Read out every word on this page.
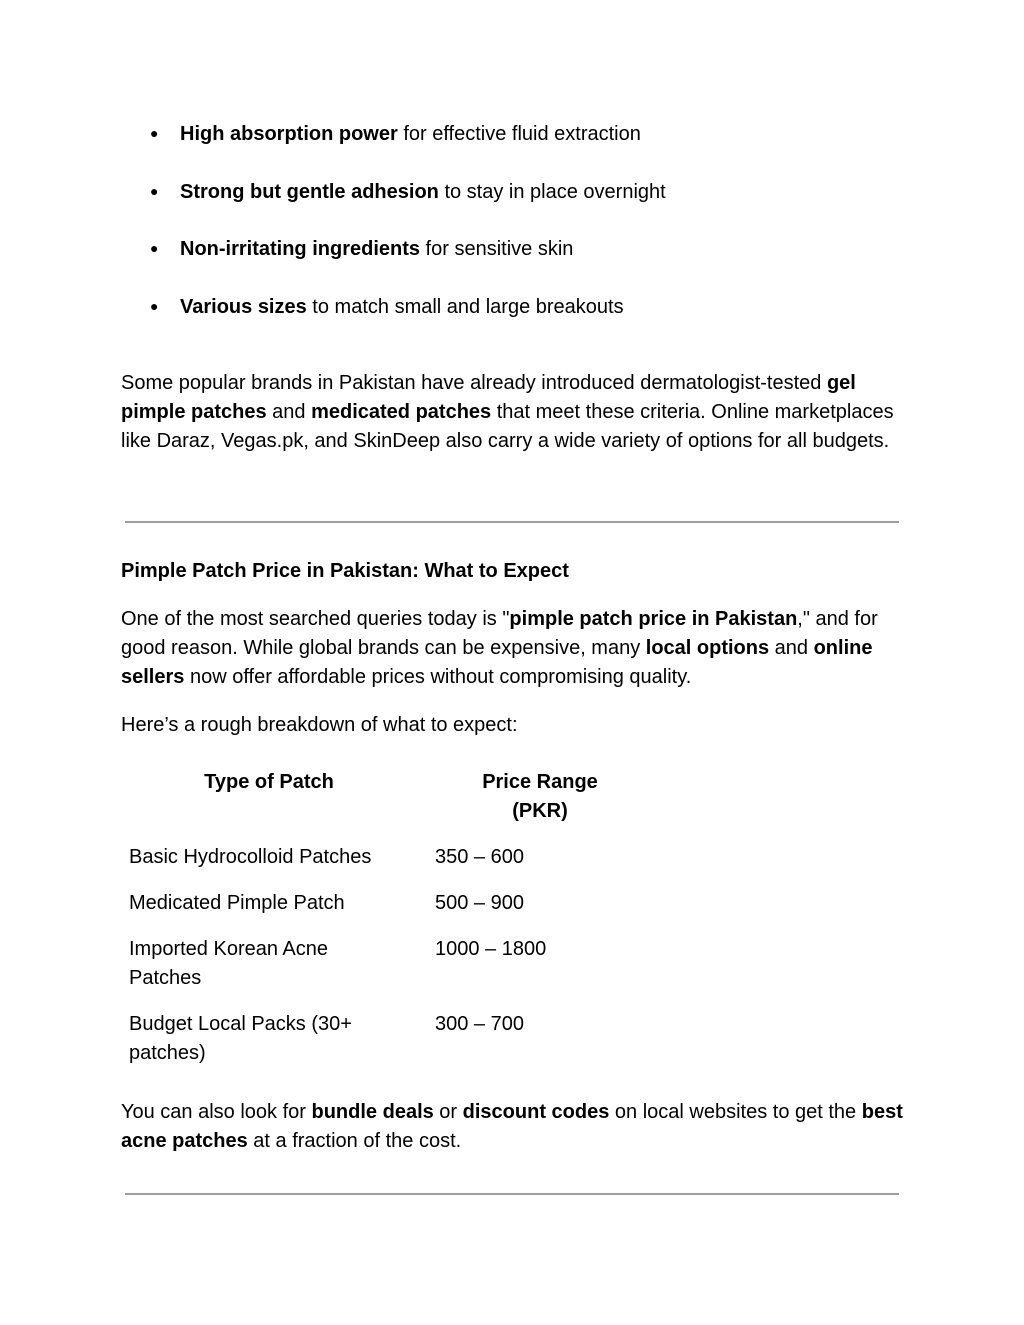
●	High absorption power for effective fluid extraction
●	Strong but gentle adhesion to stay in place overnight
●	Non-irritating ingredients for sensitive skin
●	Various sizes to match small and large breakouts

Some popular brands in Pakistan have already introduced dermatologist-tested gel pimple patches and medicated patches that meet these criteria. Online marketplaces like Daraz, Vegas.pk, and SkinDeep also carry a wide variety of options for all budgets.

Pimple Patch Price in Pakistan: What to Expect

One of the most searched queries today is "pimple patch price in Pakistan," and for good reason. While global brands can be expensive, many local options and online sellers now offer affordable prices without compromising quality.

Here’s a rough breakdown of what to expect:

Type of Patch	Price Range (PKR)
Basic Hydrocolloid Patches	350 – 600
Medicated Pimple Patch	500 – 900
Imported Korean Acne Patches	1000 – 1800
Budget Local Packs (30+ patches)	300 – 700

You can also look for bundle deals or discount codes on local websites to get the best acne patches at a fraction of the cost.
